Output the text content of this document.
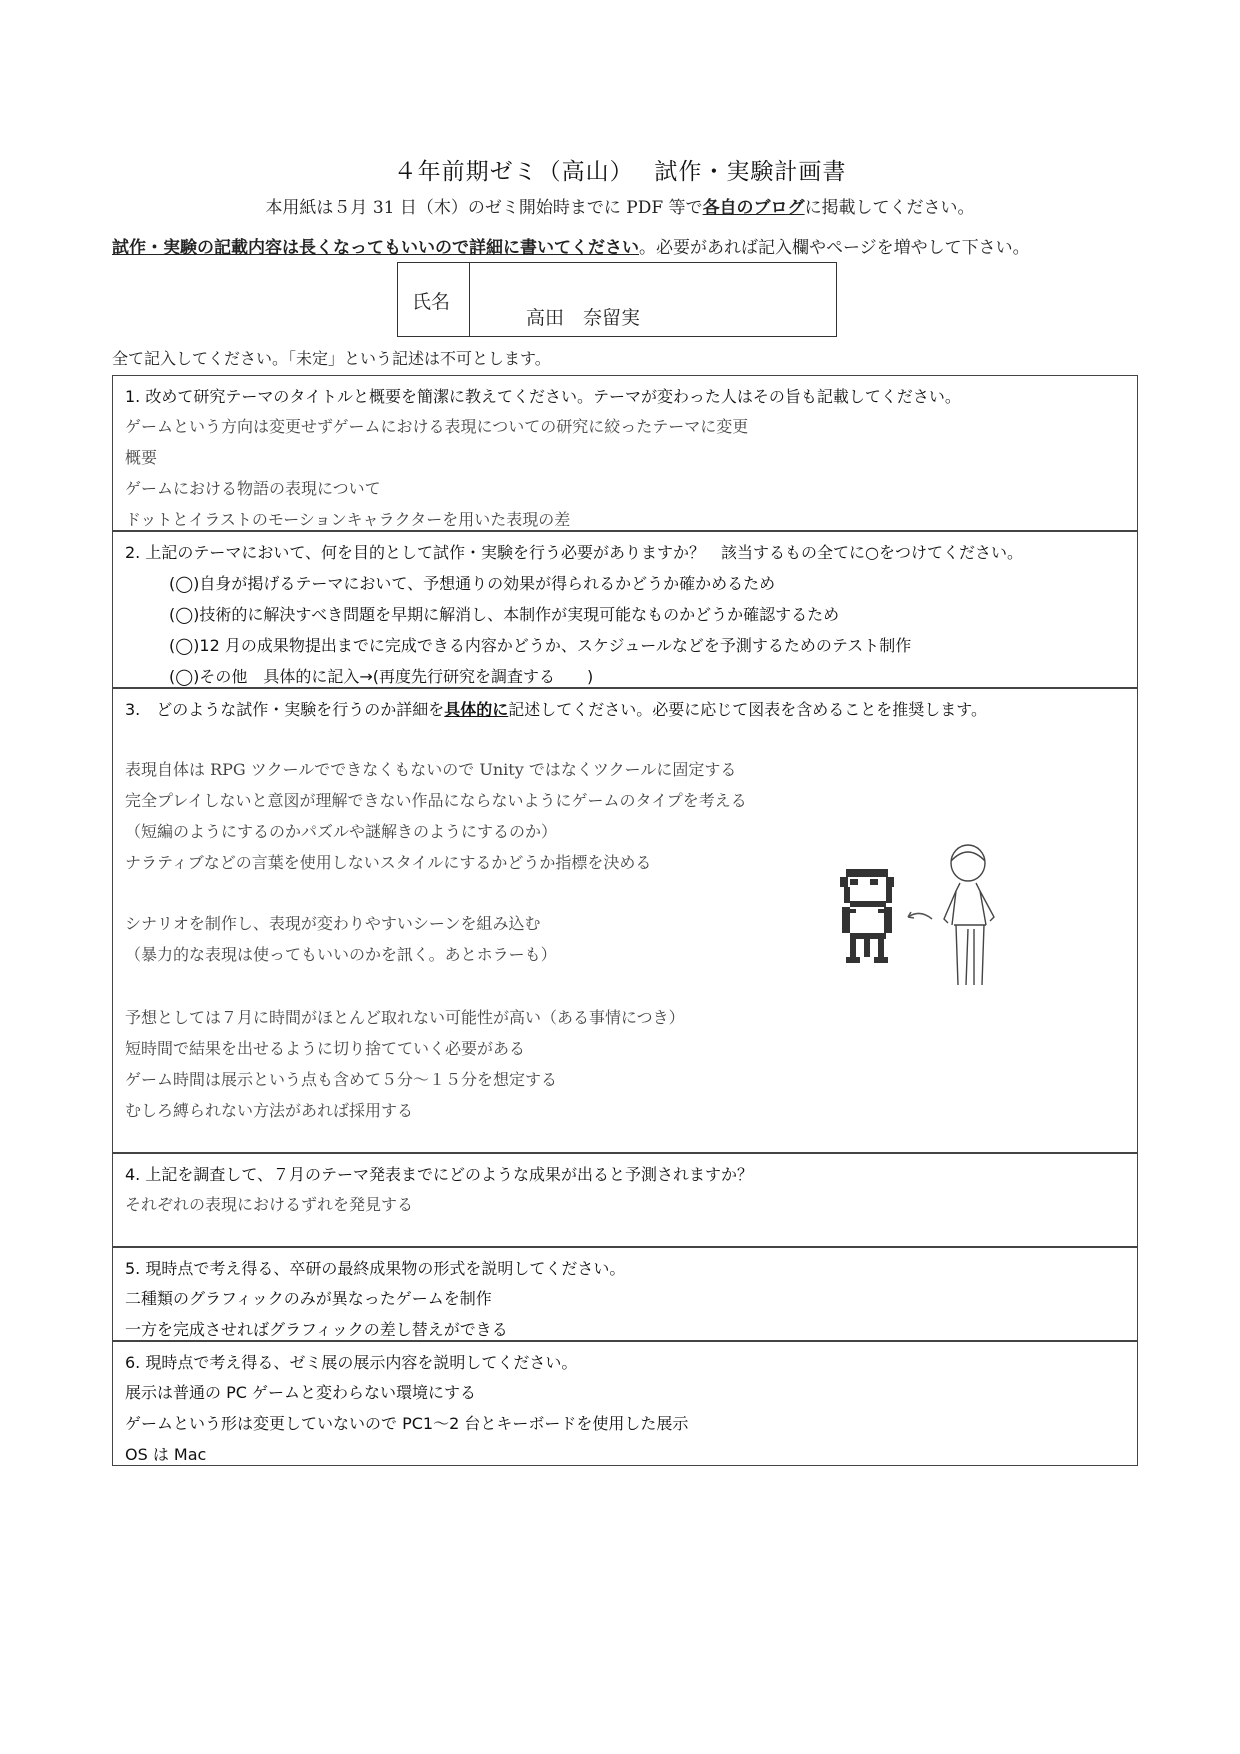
４年前期ゼミ（高山）　 試作・実験計画書
本用紙は５月 31 日（木）のゼミ開始時までに PDF 等で各自のブログに掲載してください。
試作・実験の記載内容は長くなってもいいので詳細に書いてください。必要があれば記入欄やページを増やして下さい。
氏名
高田　奈留実
全て記入してください。「未定」という記述は不可とします。
1. 改めて研究テーマのタイトルと概要を簡潔に教えてください。テーマが変わった人はその旨も記載してください。
ゲームという方向は変更せずゲームにおける表現についての研究に絞ったテーマに変更
概要
ゲームにおける物語の表現について
ドットとイラストのモーションキャラクターを用いた表現の差
2. 上記のテーマにおいて、何を目的として試作・実験を行う必要がありますか？　該当するもの全てに○をつけてください。
(◯)自身が掲げるテーマにおいて、予想通りの効果が得られるかどうか確かめるため
(◯)技術的に解決すべき問題を早期に解消し、本制作が実現可能なものかどうか確認するため
(◯)12 月の成果物提出までに完成できる内容かどうか、スケジュールなどを予測するためのテスト制作
(◯)その他　具体的に記入→(再度先行研究を調査する　　)
3.　どのような試作・実験を行うのか詳細を具体的に記述してください。必要に応じて図表を含めることを推奨します。
表現自体は RPG ツクールでできなくもないので Unity ではなくツクールに固定する
完全プレイしないと意図が理解できない作品にならないようにゲームのタイプを考える
（短編のようにするのかパズルや謎解きのようにするのか）
ナラティブなどの言葉を使用しないスタイルにするかどうか指標を決める
シナリオを制作し、表現が変わりやすいシーンを組み込む
（暴力的な表現は使ってもいいのかを訊く。あとホラーも）
予想としては７月に時間がほとんど取れない可能性が高い（ある事情につき）
短時間で結果を出せるように切り捨てていく必要がある
ゲーム時間は展示という点も含めて５分～１５分を想定する
むしろ縛られない方法があれば採用する
4. 上記を調査して、７月のテーマ発表までにどのような成果が出ると予測されますか？
それぞれの表現におけるずれを発見する
5. 現時点で考え得る、卒研の最終成果物の形式を説明してください。
二種類のグラフィックのみが異なったゲームを制作
一方を完成させればグラフィックの差し替えができる
6. 現時点で考え得る、ゼミ展の展示内容を説明してください。
展示は普通の PC ゲームと変わらない環境にする
ゲームという形は変更していないので PC1～2 台とキーボードを使用した展示
OS は Mac
